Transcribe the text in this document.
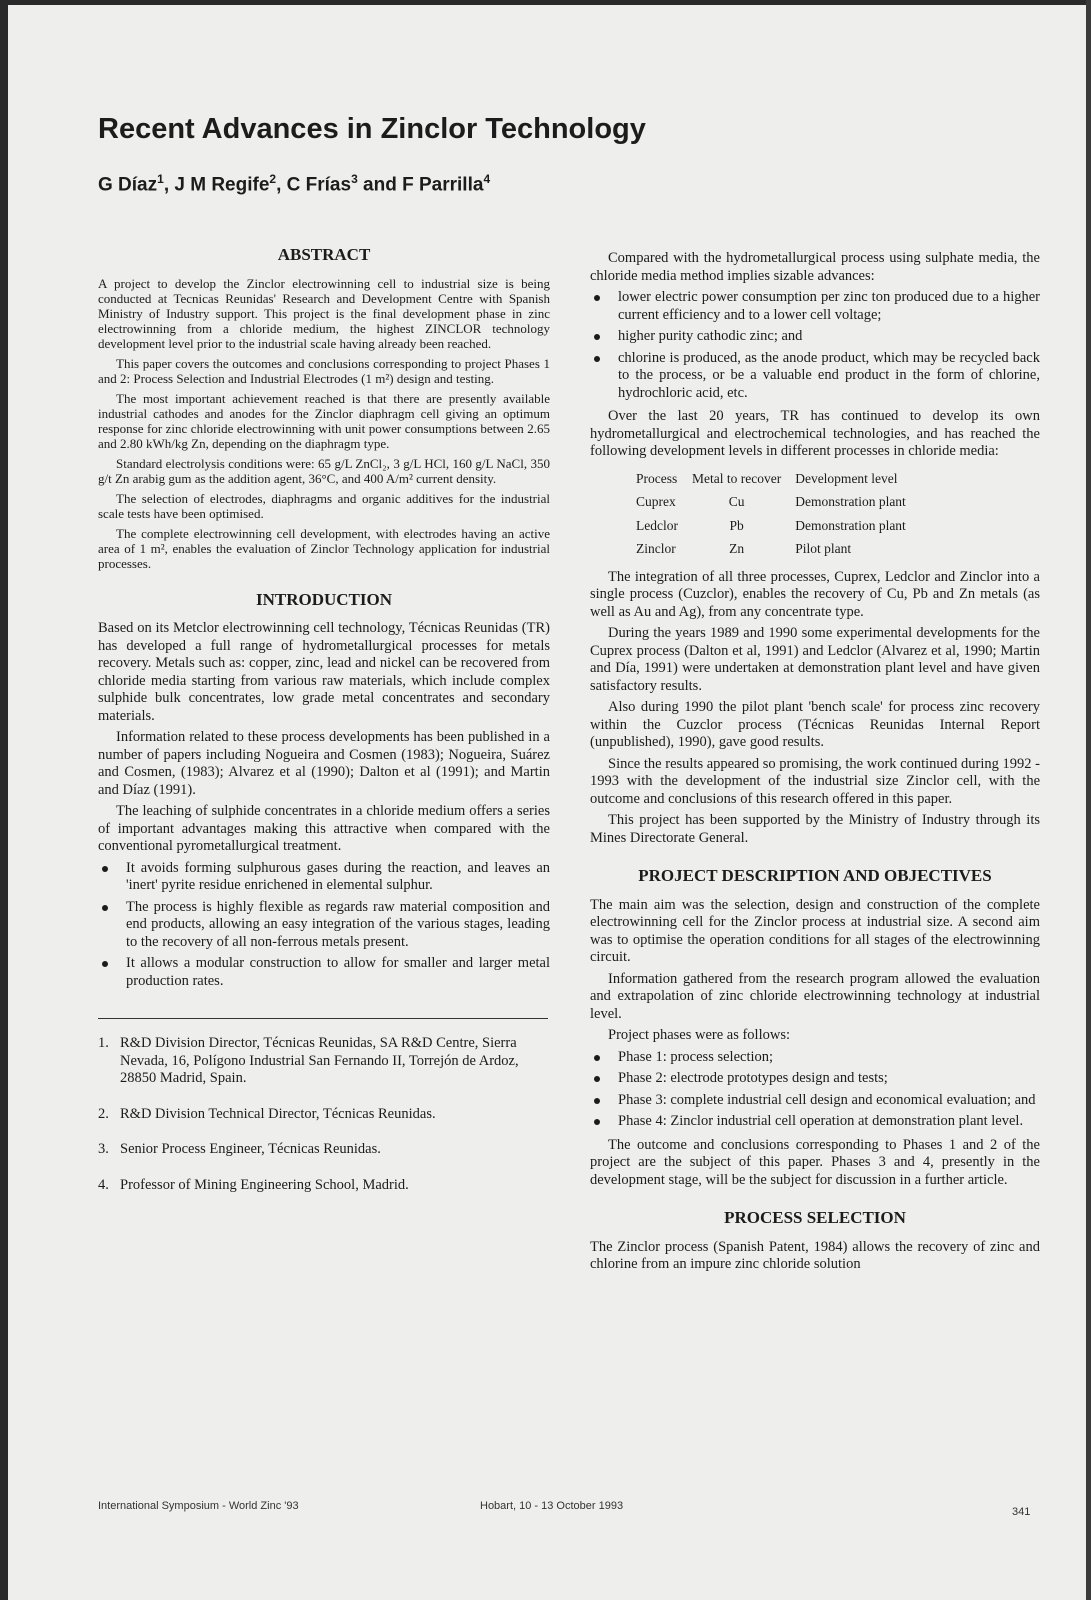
Recent Advances in Zinclor Technology

G Díaz$^1$, J M Regife$^2$, C Frías$^3$ and F Parrilla$^4$

ABSTRACT

A project to develop the Zinclor electrowinning cell to industrial size is being conducted at Tecnicas Reunidas' Research and Development Centre with Spanish Ministry of Industry support. This project is the final development phase in zinc electrowinning from a chloride medium, the highest ZINCLOR technology development level prior to the industrial scale having already been reached.

This paper covers the outcomes and conclusions corresponding to project Phases 1 and 2: Process Selection and Industrial Electrodes (1 m²) design and testing.

The most important achievement reached is that there are presently available industrial cathodes and anodes for the Zinclor diaphragm cell giving an optimum response for zinc chloride electrowinning with unit power consumptions between 2.65 and 2.80 kWh/kg Zn, depending on the diaphragm type.

Standard electrolysis conditions were: 65 g/L ZnCl₂, 3 g/L HCl, 160 g/L NaCl, 350 g/t Zn arabig gum as the addition agent, 36°C, and 400 A/m² current density.

The selection of electrodes, diaphragms and organic additives for the industrial scale tests have been optimised.

The complete electrowinning cell development, with electrodes having an active area of 1 m², enables the evaluation of Zinclor Technology application for industrial processes.

INTRODUCTION

Based on its Metclor electrowinning cell technology, Técnicas Reunidas (TR) has developed a full range of hydrometallurgical processes for metals recovery. Metals such as: copper, zinc, lead and nickel can be recovered from chloride media starting from various raw materials, which include complex sulphide bulk concentrates, low grade metal concentrates and secondary materials.

Information related to these process developments has been published in a number of papers including Nogueira and Cosmen (1983); Nogueira, Suárez and Cosmen, (1983); Alvarez et al (1990); Dalton et al (1991); and Martin and Díaz (1991).

The leaching of sulphide concentrates in a chloride medium offers a series of important advantages making this attractive when compared with the conventional pyrometallurgical treatment.

It avoids forming sulphurous gases during the reaction, and leaves an 'inert' pyrite residue enrichened in elemental sulphur.
The process is highly flexible as regards raw material composition and end products, allowing an easy integration of the various stages, leading to the recovery of all non-ferrous metals present.
It allows a modular construction to allow for smaller and larger metal production rates.
1. R&D Division Director, Técnicas Reunidas, SA R&D Centre, Sierra Nevada, 16, Polígono Industrial San Fernando II, Torrejón de Ardoz, 28850 Madrid, Spain.
2. R&D Division Technical Director, Técnicas Reunidas.
3. Senior Process Engineer, Técnicas Reunidas.
4. Professor of Mining Engineering School, Madrid.

Compared with the hydrometallurgical process using sulphate media, the chloride media method implies sizable advances:

lower electric power consumption per zinc ton produced due to a higher current efficiency and to a lower cell voltage;
higher purity cathodic zinc; and
chlorine is produced, as the anode product, which may be recycled back to the process, or be a valuable end product in the form of chlorine, hydrochloric acid, etc.

Over the last 20 years, TR has continued to develop its own hydrometallurgical and electrochemical technologies, and has reached the following development levels in different processes in chloride media:

Process	Metal to recover	Development level
Cuprex	Cu	Demonstration plant
Ledclor	Pb	Demonstration plant
Zinclor	Zn	Pilot plant

The integration of all three processes, Cuprex, Ledclor and Zinclor into a single process (Cuzclor), enables the recovery of Cu, Pb and Zn metals (as well as Au and Ag), from any concentrate type.

During the years 1989 and 1990 some experimental developments for the Cuprex process (Dalton et al, 1991) and Ledclor (Alvarez et al, 1990; Martin and Día, 1991) were undertaken at demonstration plant level and have given satisfactory results.

Also during 1990 the pilot plant 'bench scale' for process zinc recovery within the Cuzclor process (Técnicas Reunidas Internal Report (unpublished), 1990), gave good results.

Since the results appeared so promising, the work continued during 1992 - 1993 with the development of the industrial size Zinclor cell, with the outcome and conclusions of this research offered in this paper.

This project has been supported by the Ministry of Industry through its Mines Directorate General.

PROJECT DESCRIPTION AND OBJECTIVES

The main aim was the selection, design and construction of the complete electrowinning cell for the Zinclor process at industrial size. A second aim was to optimise the operation conditions for all stages of the electrowinning circuit.

Information gathered from the research program allowed the evaluation and extrapolation of zinc chloride electrowinning technology at industrial level.

Project phases were as follows:

Phase 1: process selection;
Phase 2: electrode prototypes design and tests;
Phase 3: complete industrial cell design and economical evaluation; and
Phase 4: Zinclor industrial cell operation at demonstration plant level.

The outcome and conclusions corresponding to Phases 1 and 2 of the project are the subject of this paper. Phases 3 and 4, presently in the development stage, will be the subject for discussion in a further article.

PROCESS SELECTION

The Zinclor process (Spanish Patent, 1984) allows the recovery of zinc and chlorine from an impure zinc chloride solution

International Symposium - World Zinc '93	Hobart, 10 - 13 October 1993	341
